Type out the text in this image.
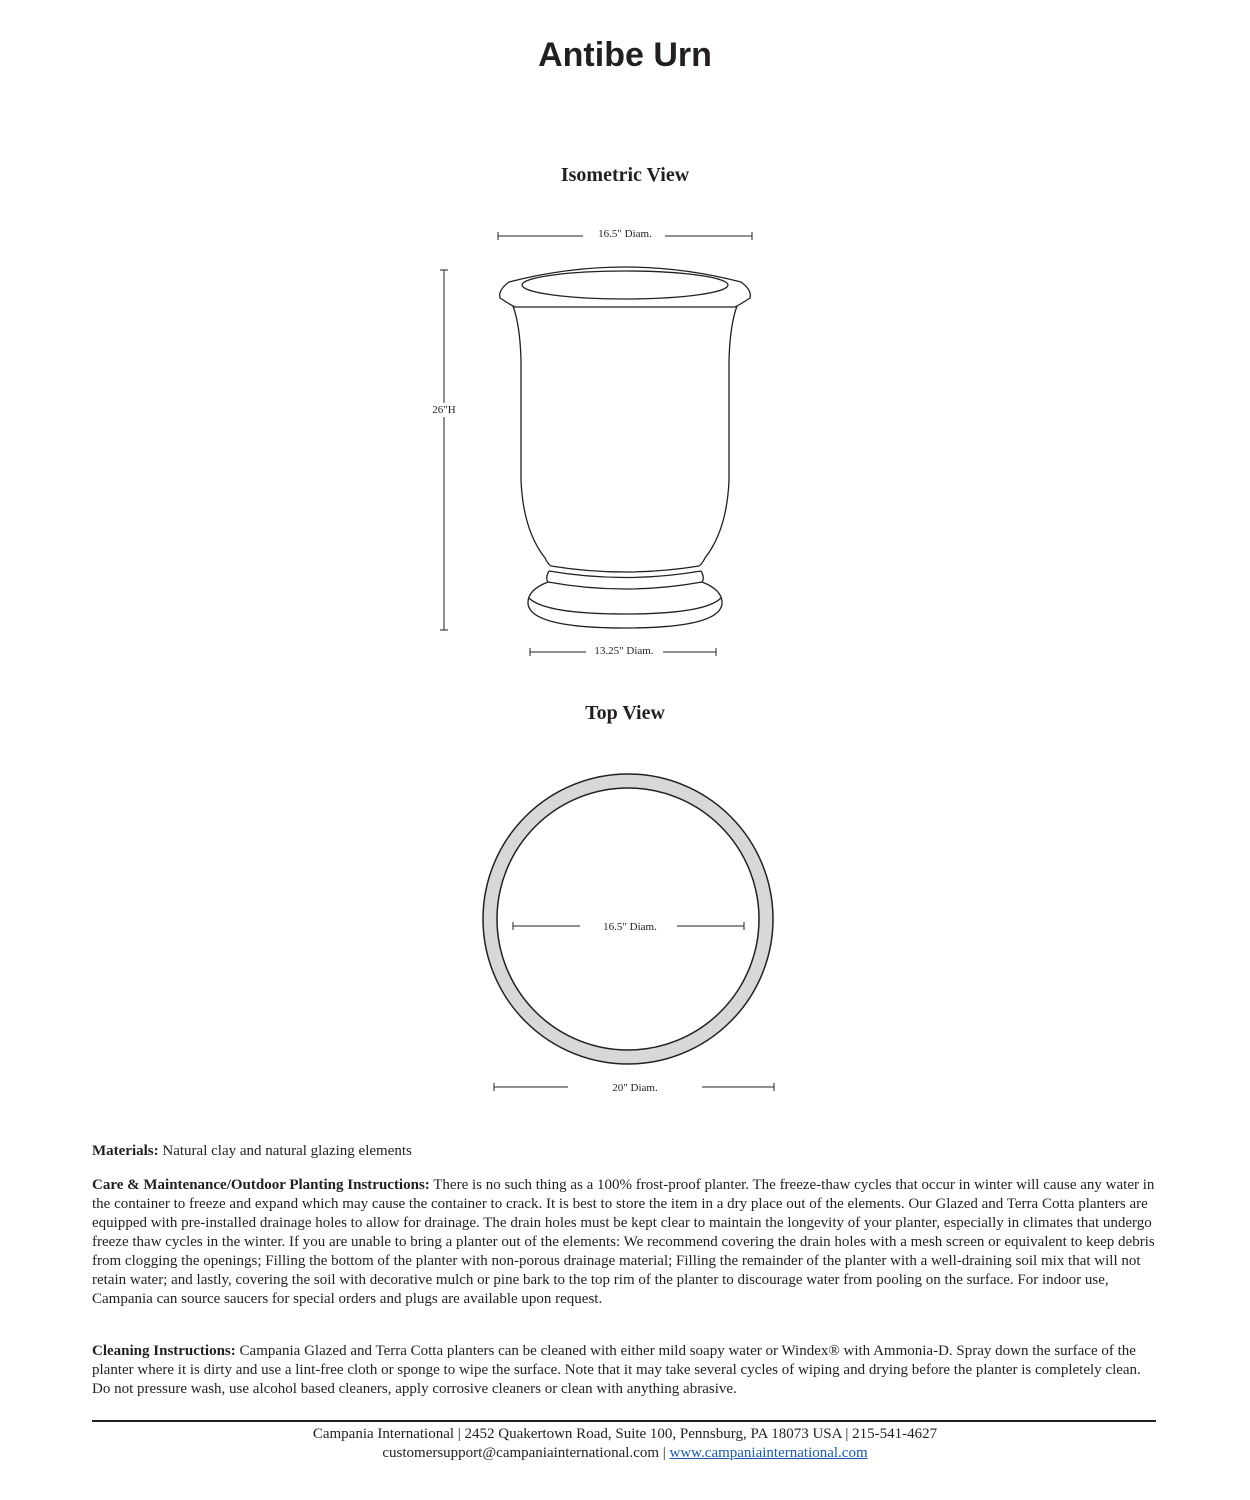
Antibe Urn
Isometric View
16.5" Diam.
26"H
13.25" Diam.
16.5" Diam.
20" Diam.
Top View

Materials: Natural clay and natural glazing elements

Care & Maintenance/Outdoor Planting Instructions: There is no such thing as a 100% frost-proof planter. The freeze-thaw cycles that occur in winter will cause any water in the container to freeze and expand which may cause the container to crack. It is best to store the item in a dry place out of the elements. Our Glazed and Terra Cotta planters are equipped with pre-installed drainage holes to allow for drainage. The drain holes must be kept clear to maintain the longevity of your planter, especially in climates that undergo freeze thaw cycles in the winter. If you are unable to bring a planter out of the elements: We recommend covering the drain holes with a mesh screen or equivalent to keep debris from clogging the openings; Filling the bottom of the planter with non-porous drainage material; Filling the remainder of the planter with a well-draining soil mix that will not retain water; and lastly, covering the soil with decorative mulch or pine bark to the top rim of the planter to discourage water from pooling on the surface. For indoor use, Campania can source saucers for special orders and plugs are available upon request.

Cleaning Instructions: Campania Glazed and Terra Cotta planters can be cleaned with either mild soapy water or Windex® with Ammonia-D. Spray down the surface of the planter where it is dirty and use a lint-free cloth or sponge to wipe the surface. Note that it may take several cycles of wiping and drying before the planter is completely clean. Do not pressure wash, use alcohol based cleaners, apply corrosive cleaners or clean with anything abrasive.

Campania International | 2452 Quakertown Road, Suite 100, Pennsburg, PA 18073 USA | 215-541-4627
customersupport@campaniainternational.com | www.campaniainternational.com
